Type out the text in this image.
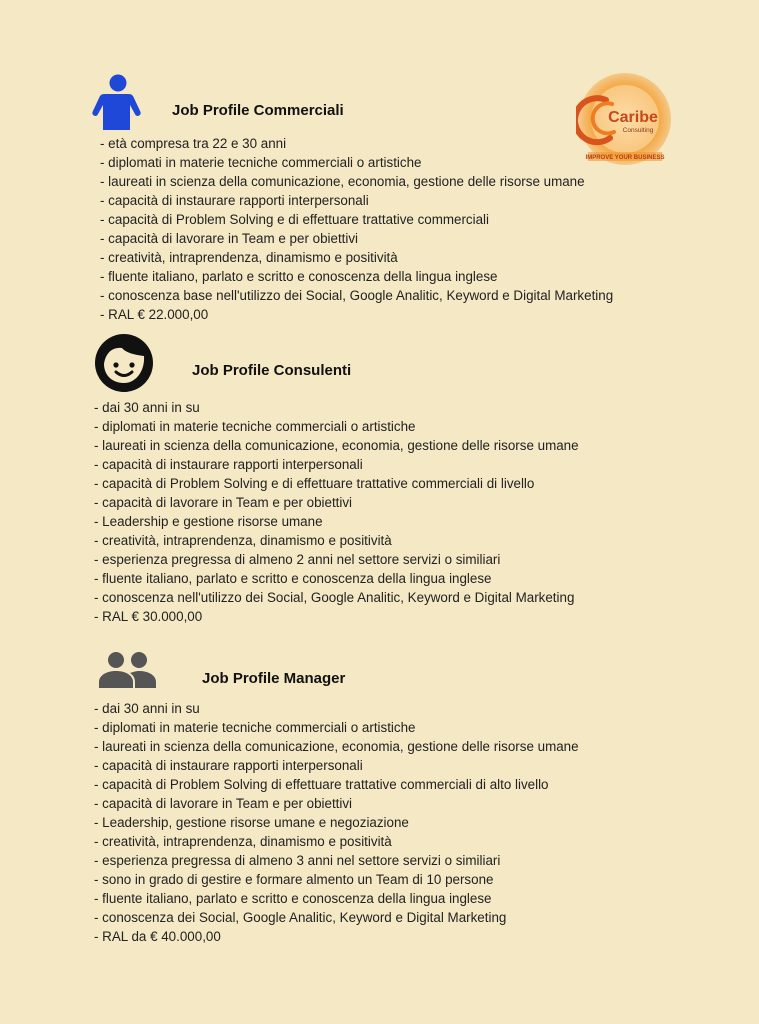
Caribe
Consulting
IMPROVE YOUR BUSINESS
Job Profile Commerciali
- età compresa tra 22 e 30 anni
- diplomati in materie tecniche commerciali o artistiche
- laureati in scienza della comunicazione, economia, gestione delle risorse umane
- capacità di instaurare rapporti interpersonali
- capacità di Problem Solving e di effettuare trattative commerciali
- capacità di lavorare in Team e per obiettivi
- creatività, intraprendenza, dinamismo e positività
- fluente italiano, parlato e scritto e conoscenza della lingua inglese
- conoscenza base nell'utilizzo dei Social, Google Analitic, Keyword e Digital Marketing
- RAL € 22.000,00
Job Profile Consulenti
- dai 30 anni in su
- diplomati in materie tecniche commerciali o artistiche
- laureati in scienza della comunicazione, economia, gestione delle risorse umane
- capacità di instaurare rapporti interpersonali
- capacità di Problem Solving e di effettuare trattative commerciali di livello
- capacità di lavorare in Team e per obiettivi
- Leadership e gestione risorse umane
- creatività, intraprendenza, dinamismo e positività
- esperienza pregressa di almeno 2 anni nel settore servizi o similiari
- fluente italiano, parlato e scritto e conoscenza della lingua inglese
- conoscenza nell'utilizzo dei Social, Google Analitic, Keyword e Digital Marketing
- RAL € 30.000,00
Job Profile Manager
- dai 30 anni in su
- diplomati in materie tecniche commerciali o artistiche
- laureati in scienza della comunicazione, economia, gestione delle risorse umane
- capacità di instaurare rapporti interpersonali
- capacità di Problem Solving di effettuare trattative commerciali di alto livello
- capacità di lavorare in Team e per obiettivi
- Leadership, gestione risorse umane e negoziazione
- creatività, intraprendenza, dinamismo e positività
- esperienza pregressa di almeno 3 anni nel settore servizi o similiari
- sono in grado di gestire e formare almento un Team di 10 persone
- fluente italiano, parlato e scritto e conoscenza della lingua inglese
- conoscenza dei Social, Google Analitic, Keyword e Digital Marketing
- RAL da € 40.000,00
